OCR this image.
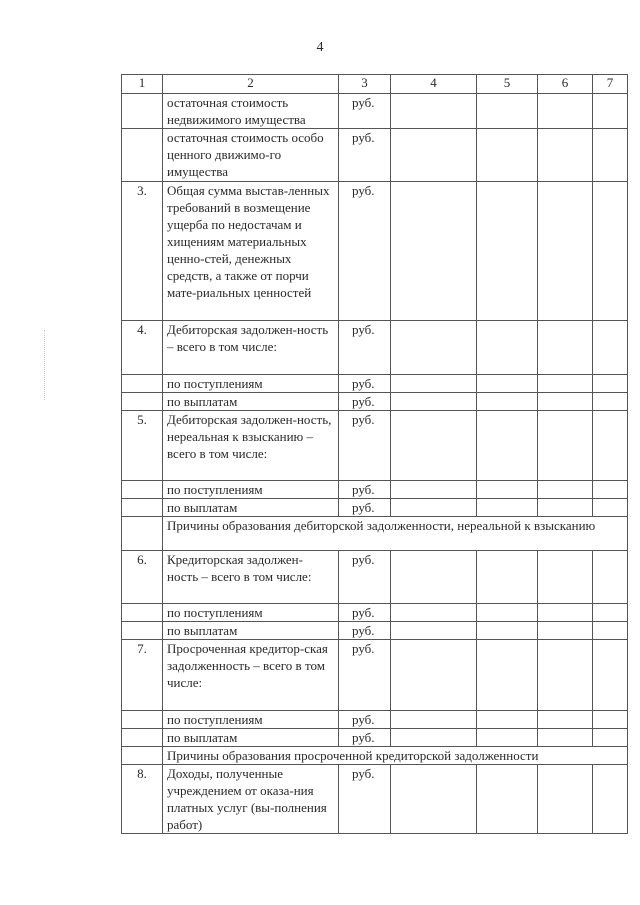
4
1	2	3	4	5	6	7
	остаточная стоимость недвижимого имущества	руб.				
	остаточная стоимость особо ценного движимо-го имущества	руб.				
3.	Общая сумма выстав-ленных требований в возмещение ущерба по недостачам и хищениям материальных ценно-стей, денежных средств, а также от порчи мате-риальных ценностей	руб.				
4.	Дебиторская задолжен-ность – всего в том числе:	руб.				
	по поступлениям	руб.				
	по выплатам	руб.				
5.	Дебиторская задолжен-ность, нереальная к взысканию – всего в том числе:	руб.				
	по поступлениям	руб.				
	по выплатам	руб.				
	Причины образования дебиторской задолженности, нереальной к взысканию					
6.	Кредиторская задолжен-ность – всего в том числе:	руб.				
	по поступлениям	руб.				
	по выплатам	руб.				
7.	Просроченная кредитор-ская задолженность – всего в том числе:	руб.				
	по поступлениям	руб.				
	по выплатам	руб.				
	Причины образования просроченной кредиторской задолженности					
8.	Доходы, полученные учреждением от оказа-ния платных услуг (вы-полнения работ)	руб.				
